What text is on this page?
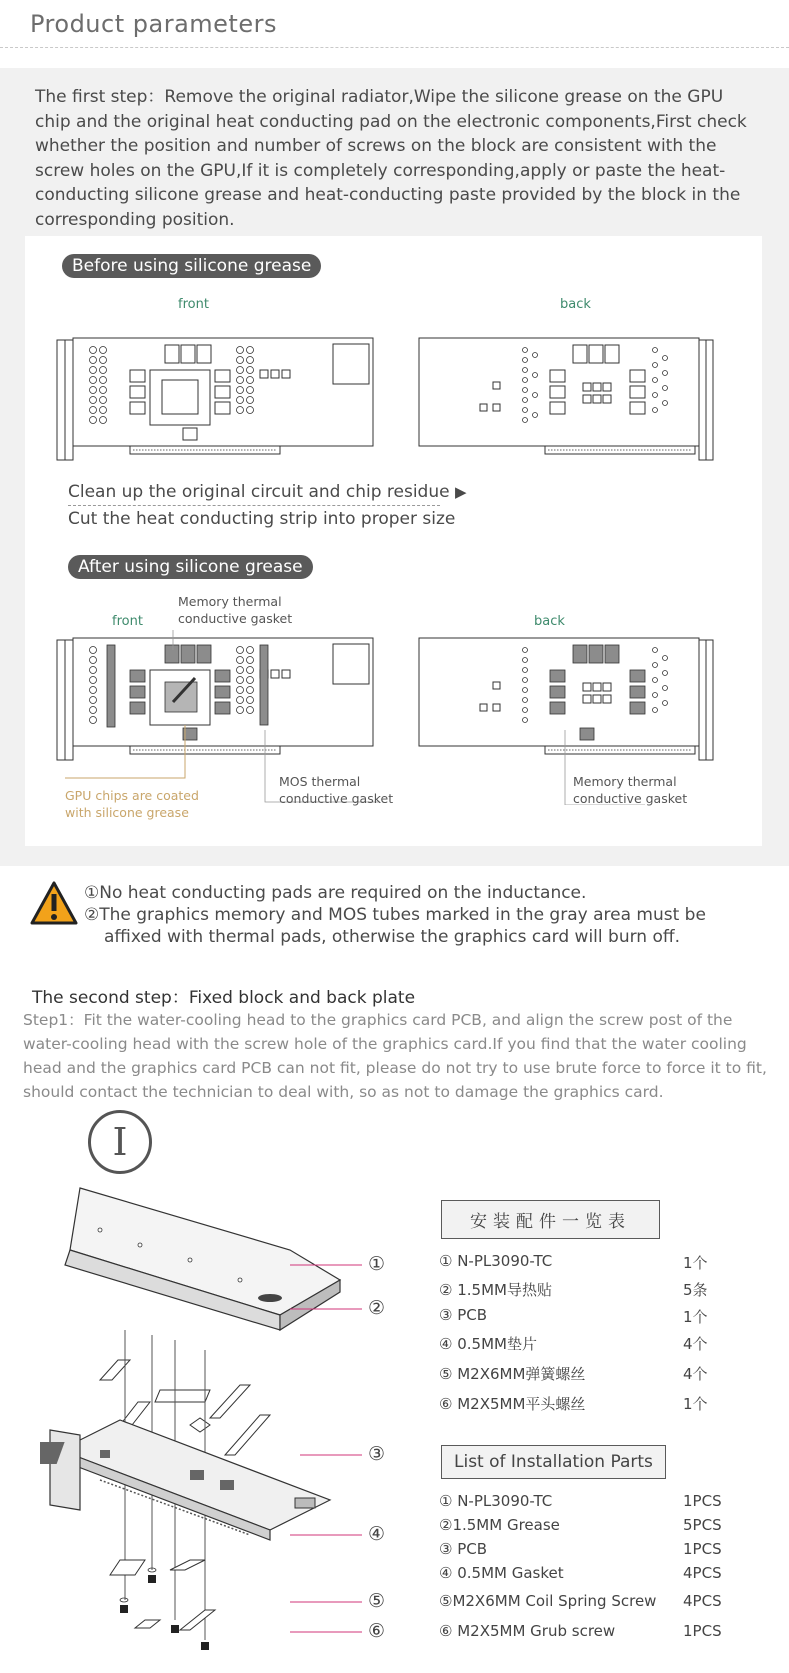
Product parameters
The first step：Remove the original radiator,Wipe the silicone grease on the GPU chip and the original heat conducting pad on the electronic components,First check whether the position and number of screws on the block are consistent with the screw holes on the GPU,If it is completely corresponding,apply or paste the heat-conducting silicone grease and heat-conducting paste provided by the block in the corresponding position.
Before using silicone grease
front	back
Clean up the original circuit and chip residue ▶
Cut the heat conducting strip into proper size
After using silicone grease
Memory thermal
conductive gasket
front	back
GPU chips are coated
with silicone grease
MOS thermal
conductive gasket
Memory thermal
conductive gasket
①No heat conducting pads are required on the inductance.
②The graphics memory and MOS tubes marked in the gray area must be
affixed with thermal pads, otherwise the graphics card will burn off.
The second step：Fixed block and back plate
Step1：Fit the water-cooling head to the graphics card PCB, and align the screw post of the water-cooling head with the screw hole of the graphics card.If you find that the water cooling head and the graphics card PCB can not fit, please do not try to use brute force to force it to fit, should contact the technician to deal with, so as not to damage the graphics card.
I
①
②
③
④
⑤
⑥
安装配件一览表
① N-PL3090-TC	1个
② 1.5MM导热贴	5条
③ PCB	1个
④ 0.5MM垫片	4个
⑤ M2X6MM弹簧螺丝	4个
⑥ M2X5MM平头螺丝	1个
List of Installation Parts
① N-PL3090-TC	1PCS
②1.5MM Grease	5PCS
③ PCB	1PCS
④ 0.5MM Gasket	4PCS
⑤M2X6MM Coil Spring Screw 4PCS
⑥ M2X5MM Grub screw	1PCS
